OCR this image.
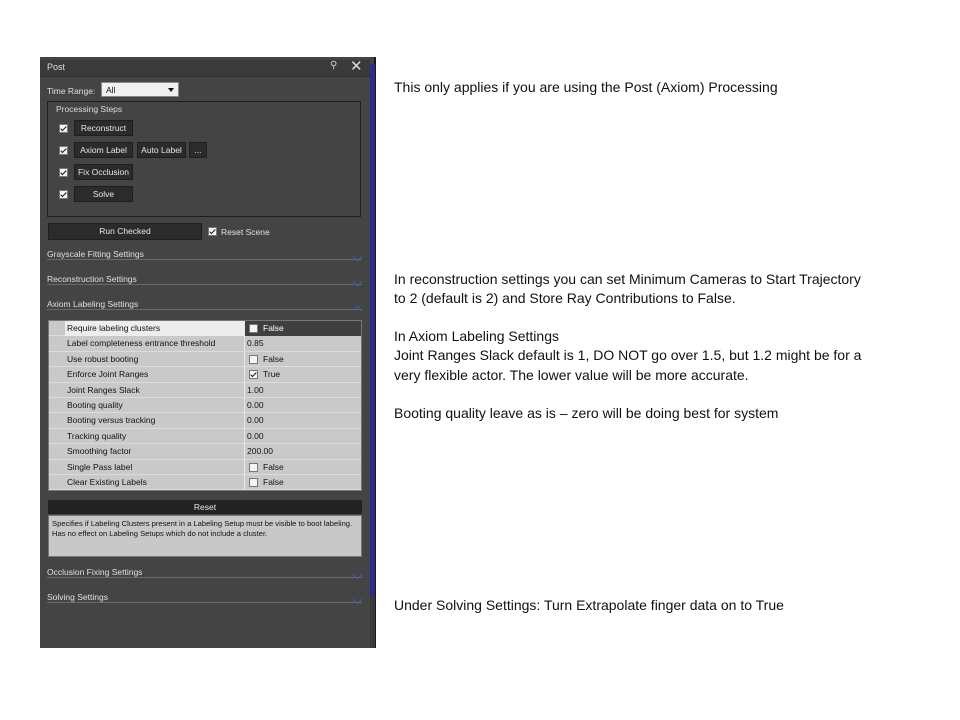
Post	⚲ ✕
Time Range: All
Processing Steps
Reconstruct
Axiom Label	Auto Label	...
Fix Occlusion
Solve
Run Checked	Reset Scene
Grayscale Fitting Settings
Reconstruction Settings
Axiom Labeling Settings
Require labeling clusters	False
Label completeness entrance threshold	0.85
Use robust booting	False
Enforce Joint Ranges	True
Joint Ranges Slack	1.00
Booting quality	0.00
Booting versus tracking	0.00
Tracking quality	0.00
Smoothing factor	200.00
Single Pass label	False
Clear Existing Labels	False
Reset
Specifies if Labeling Clusters present in a Labeling Setup must be visible to boot labeling. Has no effect on Labeling Setups which do not include a cluster.
Occlusion Fixing Settings
Solving Settings
This only applies if you are using the Post (Axiom) Processing
In reconstruction settings you can set Minimum Cameras to Start Trajectory
to 2 (default is 2) and Store Ray Contributions to False.
In Axiom Labeling Settings
Joint Ranges Slack default is 1, DO NOT go over 1.5, but 1.2 might be for a
very flexible actor. The lower value will be more accurate.
Booting quality leave as is – zero will be doing best for system
Under Solving Settings: Turn Extrapolate finger data on to True
